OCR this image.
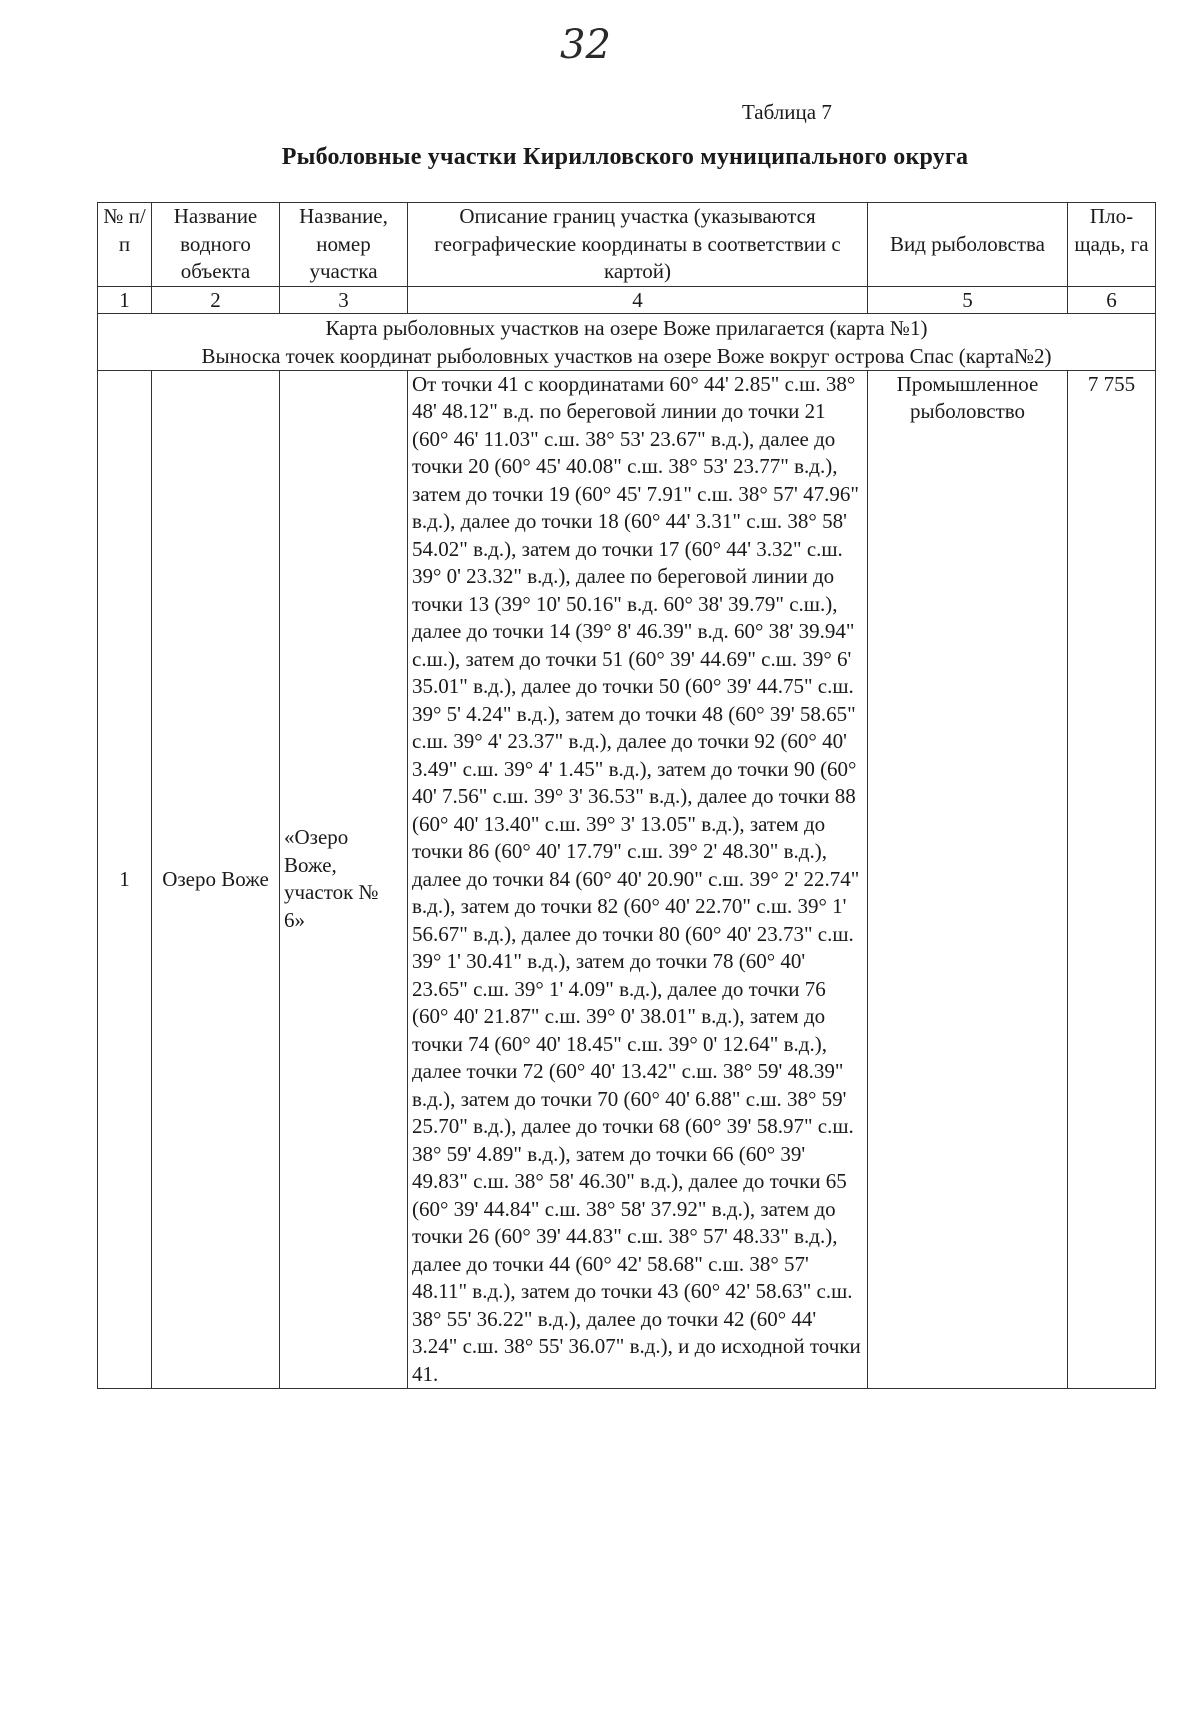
32
Таблица 7
Рыболовные участки Кирилловского муниципального округа
№ п/ п	Название водного объекта	Название, номер участка	Описание границ участка (указываются географические координаты в соответствии с картой)	Вид рыболовства	Пло- щадь, га
1	2	3	4	5	6

Карта рыболовных участков на озере Воже прилагается (карта №1)
Выноска точек координат рыболовных участков на озере Воже вокруг острова Спас (карта№2)					

1	Озеро Воже	«Озеро Воже, участок № 6»	От точки 41 с координатами 60° 44' 2.85" с.ш. 38° 48' 48.12" в.д. по береговой линии до точки 21 (60° 46' 11.03" с.ш. 38° 53' 23.67" в.д.), далее до точки 20 (60° 45' 40.08" с.ш. 38° 53' 23.77" в.д.), затем до точки 19 (60° 45' 7.91" с.ш. 38° 57' 47.96" в.д.), далее до точки 18 (60° 44' 3.31" с.ш. 38° 58' 54.02" в.д.), затем до точки 17 (60° 44' 3.32" с.ш. 39° 0' 23.32" в.д.), далее по береговой линии до точки 13 (39° 10' 50.16" в.д. 60° 38' 39.79" с.ш.), далее до точки 14 (39° 8' 46.39" в.д. 60° 38' 39.94" с.ш.), затем до точки 51 (60° 39' 44.69" с.ш. 39° 6' 35.01" в.д.), далее до точки 50 (60° 39' 44.75" с.ш. 39° 5' 4.24" в.д.), затем до точки 48 (60° 39' 58.65" с.ш. 39° 4' 23.37" в.д.), далее до точки 92 (60° 40' 3.49" с.ш. 39° 4' 1.45" в.д.), затем до точки 90 (60° 40' 7.56" с.ш. 39° 3' 36.53" в.д.), далее до точки 88 (60° 40' 13.40" с.ш. 39° 3' 13.05" в.д.), затем до точки 86 (60° 40' 17.79" с.ш. 39° 2' 48.30" в.д.), далее до точки 84 (60° 40' 20.90" с.ш. 39° 2' 22.74" в.д.), затем до точки 82 (60° 40' 22.70" с.ш. 39° 1' 56.67" в.д.), далее до точки 80 (60° 40' 23.73" с.ш. 39° 1' 30.41" в.д.), затем до точки 78 (60° 40' 23.65" с.ш. 39° 1' 4.09" в.д.), далее до точки 76 (60° 40' 21.87" с.ш. 39° 0' 38.01" в.д.), затем до точки 74 (60° 40' 18.45" с.ш. 39° 0' 12.64" в.д.), далее точки 72 (60° 40' 13.42" с.ш. 38° 59' 48.39" в.д.), затем до точки 70 (60° 40' 6.88" с.ш. 38° 59' 25.70" в.д.), далее до точки 68 (60° 39' 58.97" с.ш. 38° 59' 4.89" в.д.), затем до точки 66 (60° 39' 49.83" с.ш. 38° 58' 46.30" в.д.), далее до точки 65 (60° 39' 44.84" с.ш. 38° 58' 37.92" в.д.), затем до точки 26 (60° 39' 44.83" с.ш. 38° 57' 48.33" в.д.), далее до точки 44 (60° 42' 58.68" с.ш. 38° 57' 48.11" в.д.), затем до точки 43 (60° 42' 58.63" с.ш. 38° 55' 36.22" в.д.), далее до точки 42 (60° 44' 3.24" с.ш. 38° 55' 36.07" в.д.), и до исходной точки 41.	Промышленное рыболовство	7 755
